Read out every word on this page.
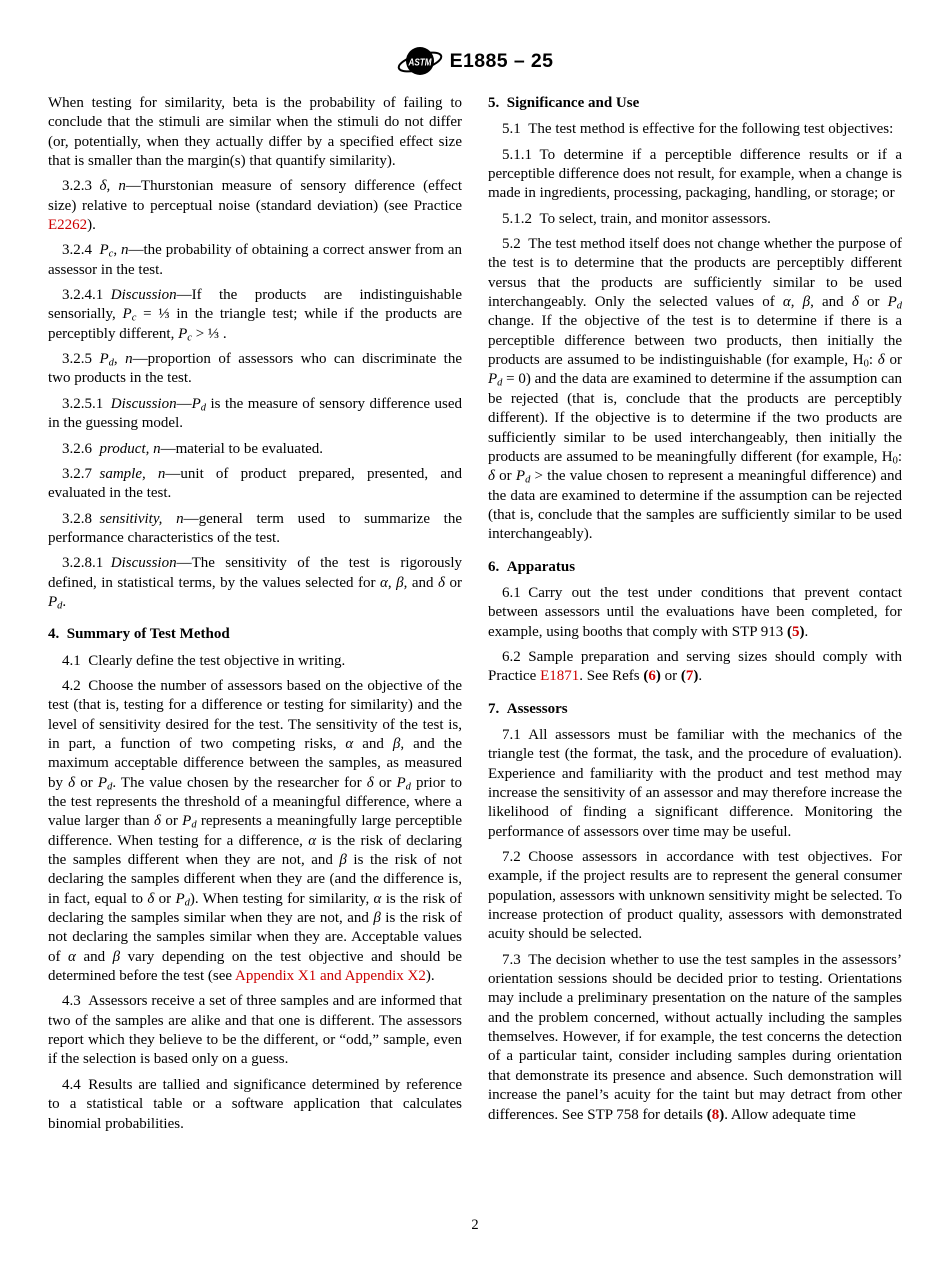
ASTM E1885 – 25
When testing for similarity, beta is the probability of failing to conclude that the stimuli are similar when the stimuli do not differ (or, potentially, when they actually differ by a specified effect size that is smaller than the margin(s) that quantify similarity).
3.2.3 δ, n—Thurstonian measure of sensory difference (effect size) relative to perceptual noise (standard deviation) (see Practice E2262).
3.2.4 $P_c$, n—the probability of obtaining a correct answer from an assessor in the test.
3.2.4.1 Discussion—If the products are indistinguishable sensorially, $P_c$ = ⅓ in the triangle test; while if the products are perceptibly different, $P_c$ > ⅓ .
3.2.5 $P_d$, n—proportion of assessors who can discriminate the two products in the test.
3.2.5.1 $Discussion—P_d$ is the measure of sensory difference used in the guessing model.
3.2.6 product, n—material to be evaluated.
3.2.7 sample, n—unit of product prepared, presented, and evaluated in the test.
3.2.8 sensitivity, n—general term used to summarize the performance characteristics of the test.
3.2.8.1 Discussion—The sensitivity of the test is rigorously defined, in statistical terms, by the values selected for α, β, and δ or $P_d$.
4. Summary of Test Method
4.1 Clearly define the test objective in writing.
4.2 Choose the number of assessors based on the objective of the test (that is, testing for a difference or testing for similarity) and the level of sensitivity desired for the test. The sensitivity of the test is, in part, a function of two competing risks, α and β, and the maximum acceptable difference between the samples, as measured by δ or $P_d$. The value chosen by the researcher for δ or $P_d$ prior to the test represents the threshold of a meaningful difference, where a value larger than δ or $P_d$ represents a meaningfully large perceptible difference. When testing for a difference, α is the risk of declaring the samples different when they are not, and β is the risk of not declaring the samples different when they are (and the difference is, in fact, equal to δ or $P_d$). When testing for similarity, α is the risk of declaring the samples similar when they are not, and β is the risk of not declaring the samples similar when they are. Acceptable values of α and β vary depending on the test objective and should be determined before the test (see Appendix X1 and Appendix X2).
4.3 Assessors receive a set of three samples and are informed that two of the samples are alike and that one is different. The assessors report which they believe to be the different, or “odd,” sample, even if the selection is based only on a guess.
4.4 Results are tallied and significance determined by reference to a statistical table or a software application that calculates binomial probabilities.
5. Significance and Use
5.1 The test method is effective for the following test objectives:
5.1.1 To determine if a perceptible difference results or if a perceptible difference does not result, for example, when a change is made in ingredients, processing, packaging, handling, or storage; or
5.1.2 To select, train, and monitor assessors.
5.2 The test method itself does not change whether the purpose of the test is to determine that the products are perceptibly different versus that the products are sufficiently similar to be used interchangeably. Only the selected values of α, β, and δ or $P_d$ change. If the objective of the test is to determine if there is a perceptible difference between two products, then initially the products are assumed to be indistinguishable (for example, $H_0$: δ or $P_d = 0$) and the data are examined to determine if the assumption can be rejected (that is, conclude that the products are perceptibly different). If the objective is to determine if the two products are sufficiently similar to be used interchangeably, then initially the products are assumed to be meaningfully different (for example, $H_0$: δ or $P_d$ > the value chosen to represent a meaningful difference) and the data are examined to determine if the assumption can be rejected (that is, conclude that the samples are sufficiently similar to be used interchangeably).
6. Apparatus
6.1 Carry out the test under conditions that prevent contact between assessors until the evaluations have been completed, for example, using booths that comply with STP 913 (5).
6.2 Sample preparation and serving sizes should comply with Practice E1871. See Refs (6) or (7).
7. Assessors
7.1 All assessors must be familiar with the mechanics of the triangle test (the format, the task, and the procedure of evaluation). Experience and familiarity with the product and test method may increase the sensitivity of an assessor and may therefore increase the likelihood of finding a significant difference. Monitoring the performance of assessors over time may be useful.
7.2 Choose assessors in accordance with test objectives. For example, if the project results are to represent the general consumer population, assessors with unknown sensitivity might be selected. To increase protection of product quality, assessors with demonstrated acuity should be selected.
7.3 The decision whether to use the test samples in the assessors’ orientation sessions should be decided prior to testing. Orientations may include a preliminary presentation on the nature of the samples and the problem concerned, without actually including the samples themselves. However, if for example, the test concerns the detection of a particular taint, consider including samples during orientation that demonstrate its presence and absence. Such demonstration will increase the panel’s acuity for the taint but may detract from other differences. See STP 758 for details (8). Allow adequate time
2
